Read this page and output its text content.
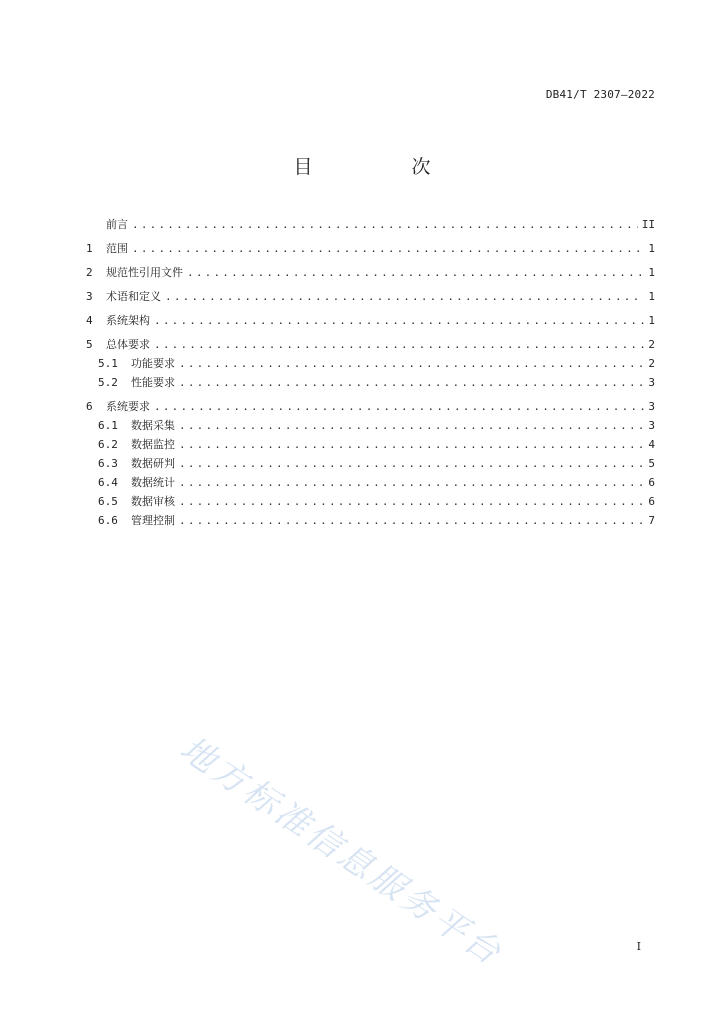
DB41/T 2307—2022
目　次
前言 .....	II
1	范围 .....	1
2	规范性引用文件 .....	1
3	术语和定义 .....	1
4	系统架构 .....	1
5	总体要求 .....	2
5.1	功能要求 .....	2
5.2	性能要求 .....	3
6	系统要求 .....	3
6.1	数据采集 .....	3
6.2	数据监控 .....	4
6.3	数据研判 .....	5
6.4	数据统计 .....	6
6.5	数据审核 .....	6
6.6	管理控制 .....	7
I
地方标准信息服务平台
